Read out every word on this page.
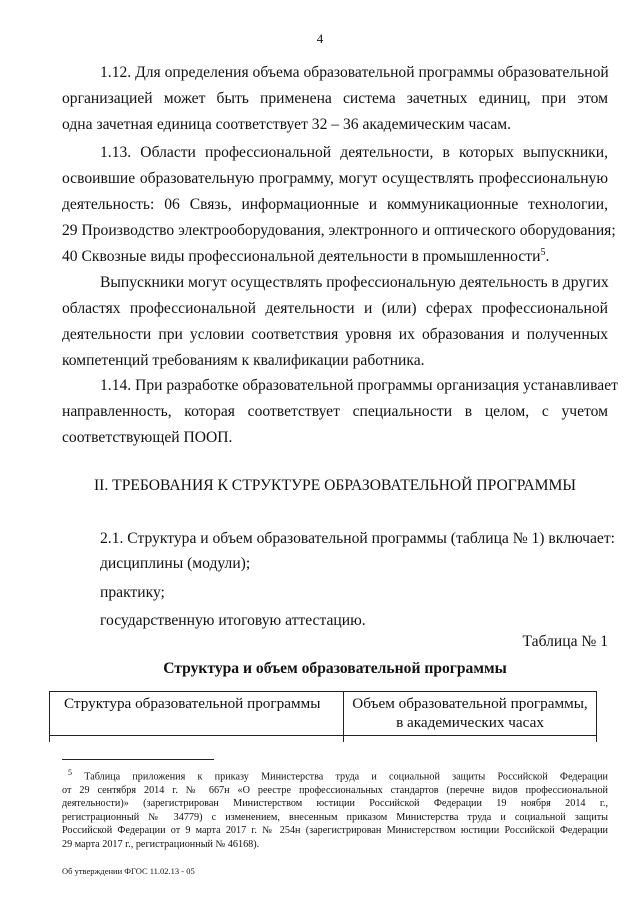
4
1.12. Для определения объема образовательной программы образовательной
организацией может быть применена система зачетных единиц, при этом
одна зачетная единица соответствует 32 – 36 академическим часам.
1.13. Области профессиональной деятельности, в которых выпускники,
освоившие образовательную программу, могут осуществлять профессиональную
деятельность: 06 Связь, информационные и коммуникационные технологии,
29 Производство электрооборудования, электронного и оптического оборудования;
40 Сквозные виды профессиональной деятельности в промышленности$^5$.
Выпускники могут осуществлять профессиональную деятельность в других
областях профессиональной деятельности и (или) сферах профессиональной
деятельности при условии соответствия уровня их образования и полученных
компетенций требованиям к квалификации работника.
1.14. При разработке образовательной программы организация устанавливает
направленность, которая соответствует специальности в целом, с учетом
соответствующей ПООП.
II. ТРЕБОВАНИЯ К СТРУКТУРЕ ОБРАЗОВАТЕЛЬНОЙ ПРОГРАММЫ
2.1. Структура и объем образовательной программы (таблица № 1) включает:
дисциплины (модули);
практику;
государственную итоговую аттестацию.
Таблица № 1
Структура и объем образовательной программы
Структура образовательной программы	Объем образовательной программы, в академических часах

$^5$ Таблица приложения к приказу Министерства труда и социальной защиты Российской Федерации
от 29 сентября 2014 г. № 667н «О реестре профессиональных стандартов (перечне видов профессиональной
деятельности)» (зарегистрирован Министерством юстиции Российской Федерации 19 ноября 2014 г.,
регистрационный № 34779) с изменением, внесенным приказом Министерства труда и социальной защиты
Российской Федерации от 9 марта 2017 г. № 254н (зарегистрирован Министерством юстиции Российской Федерации
29 марта 2017 г., регистрационный № 46168).
Об утверждении ФГОС 11.02.13 - 05
